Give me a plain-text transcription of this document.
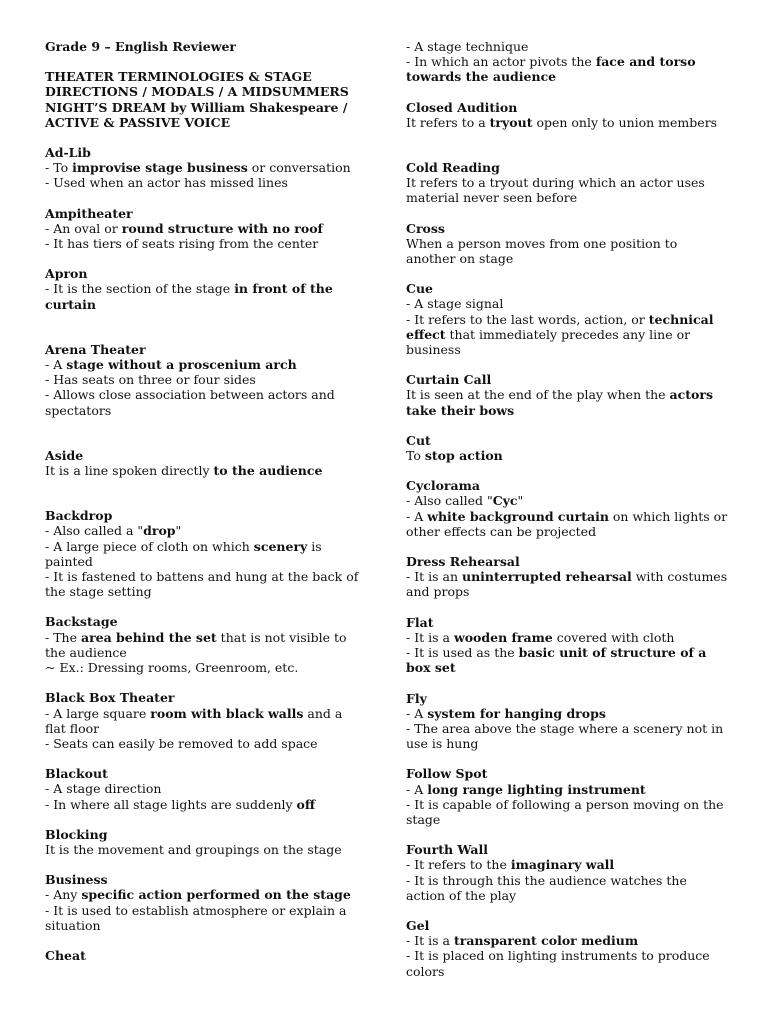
Grade 9 – English Reviewer
THEATER TERMINOLOGIES & STAGE DIRECTIONS / MODALS / A MIDSUMMERS NIGHT’S DREAM by William Shakespeare / ACTIVE & PASSIVE VOICE
Ad-Lib
- To improvise stage business or conversation
- Used when an actor has missed lines
Ampitheater
- An oval or round structure with no roof
- It has tiers of seats rising from the center
Apron
- It is the section of the stage in front of the curtain
Arena Theater
- A stage without a proscenium arch
- Has seats on three or four sides
- Allows close association between actors and spectators
Aside
It is a line spoken directly to the audience
Backdrop
- Also called a "drop"
- A large piece of cloth on which scenery is painted
- It is fastened to battens and hung at the back of the stage setting
Backstage
- The area behind the set that is not visible to
the audience
~ Ex.: Dressing rooms, Greenroom, etc.
Black Box Theater
- A large square room with black walls and a flat floor
- Seats can easily be removed to add space
Blackout
- A stage direction
- In where all stage lights are suddenly off
Blocking
It is the movement and groupings on the stage
Business
- Any specific action performed on the stage
- It is used to establish atmosphere or explain a situation
Cheat
- A stage technique
- In which an actor pivots the face and torso towards the audience
Closed Audition
It refers to a tryout open only to union members
Cold Reading
It refers to a tryout during which an actor uses material never seen before
Cross
When a person moves from one position to another on stage
Cue
- A stage signal
- It refers to the last words, action, or technical effect that immediately precedes any line or business
Curtain Call
It is seen at the end of the play when the actors take their bows
Cut
To stop action
Cyclorama
- Also called "Cyc"
- A white background curtain on which lights or other effects can be projected
Dress Rehearsal
- It is an uninterrupted rehearsal with costumes and props
Flat
- It is a wooden frame covered with cloth
- It is used as the basic unit of structure of a box set
Fly
- A system for hanging drops
- The area above the stage where a scenery not in use is hung
Follow Spot
- A long range lighting instrument
- It is capable of following a person moving on the stage
Fourth Wall
- It refers to the imaginary wall
- It is through this the audience watches the action of the play
Gel
- It is a transparent color medium
- It is placed on lighting instruments to produce colors
